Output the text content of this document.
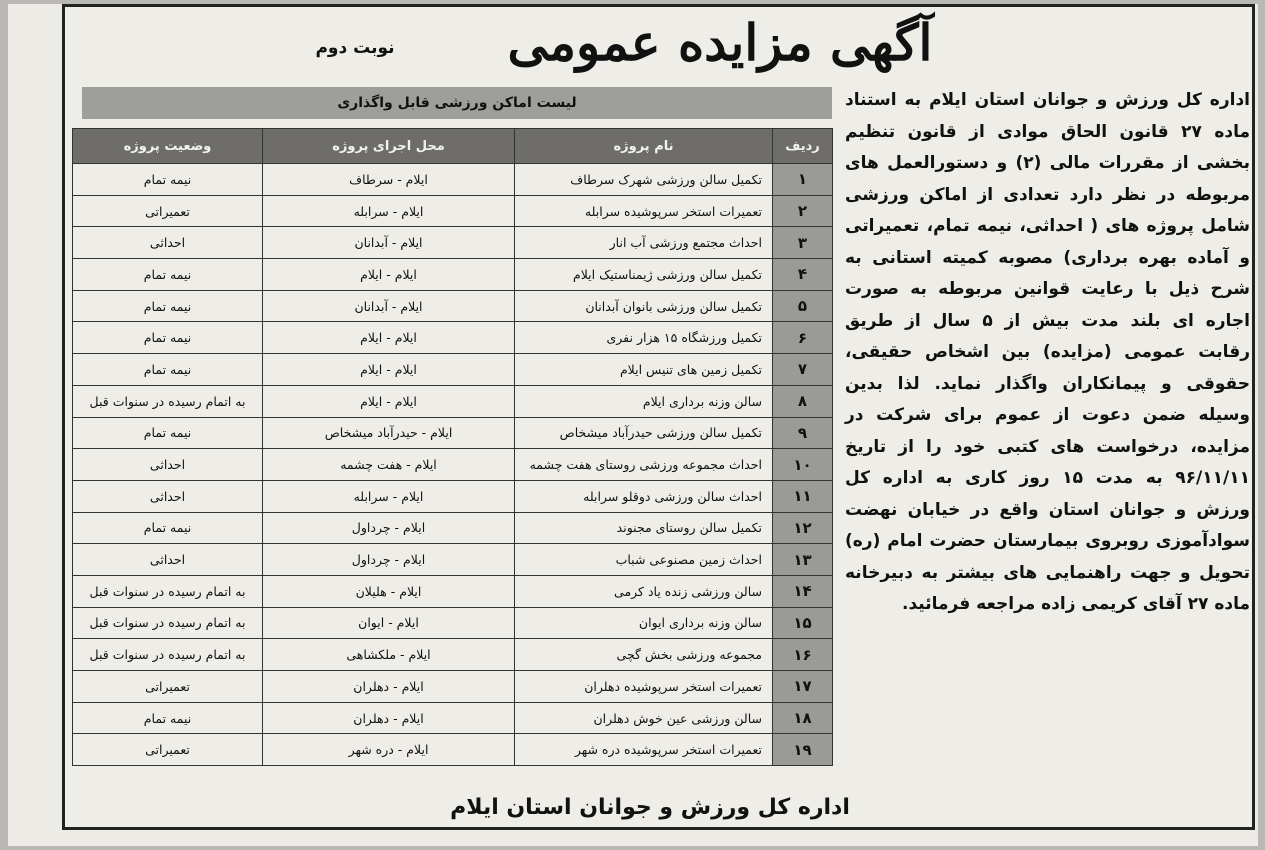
آگهی مزایده عمومی
نوبت دوم

اداره کل ورزش و جوانان استان ایلام به استناد ماده ۲۷ قانون الحاق موادی از قانون تنظیم بخشی از مقررات مالی (۲) و دستورالعمل های مربوطه در نظر دارد تعدادی از اماکن ورزشی شامل پروژه های ( احداثی، نیمه تمام، تعمیراتی و آماده بهره برداری) مصوبه کمیته استانی به شرح ذیل با رعایت قوانین مربوطه به صورت اجاره ای بلند مدت بیش از ۵ سال از طریق رقابت عمومی (مزایده) بین اشخاص حقیقی، حقوقی و پیمانکاران واگذار نماید. لذا بدین وسیله ضمن دعوت از عموم برای شرکت در مزایده، درخواست های کتبی خود را از تاریخ ۹۶/۱۱/۱۱ به مدت ۱۵ روز کاری به اداره کل ورزش و جوانان استان واقع در خیابان نهضت سوادآموزی روبروی بیمارستان حضرت امام (ره) تحویل و جهت راهنمایی های بیشتر به دبیرخانه ماده ۲۷ آقای کریمی زاده مراجعه فرمائید.

لیست اماکن ورزشی قابل واگذاری
ردیف	نام پروژه	محل اجرای پروژه	وضعیت پروژه
۱	تکمیل سالن ورزشی شهرک سرطاف	ایلام - سرطاف	نیمه تمام
۲	تعمیرات استخر سرپوشیده سرابله	ایلام - سرابله	تعمیراتی
۳	احداث مجتمع ورزشی آب انار	ایلام - آبدانان	احداثی
۴	تکمیل سالن ورزشی ژیمناستیک ایلام	ایلام - ایلام	نیمه تمام
۵	تکمیل سالن ورزشی بانوان آبدانان	ایلام - آبدانان	نیمه تمام
۶	تکمیل ورزشگاه ۱۵ هزار نفری	ایلام - ایلام	نیمه تمام
۷	تکمیل زمین های تنیس ایلام	ایلام - ایلام	نیمه تمام
۸	سالن وزنه برداری ایلام	ایلام - ایلام	به اتمام رسیده در سنوات قبل
۹	تکمیل سالن ورزشی حیدرآباد میشخاص	ایلام - حیدرآباد میشخاص	نیمه تمام
۱۰	احداث مجموعه ورزشی روستای هفت چشمه	ایلام - هفت چشمه	احداثی
۱۱	احداث سالن ورزشی دوقلو سرابله	ایلام - سرابله	احداثی
۱۲	تکمیل سالن روستای مجنوند	ایلام - چرداول	نیمه تمام
۱۳	احداث زمین مصنوعی شباب	ایلام - چرداول	احداثی
۱۴	سالن ورزشی زنده یاد کرمی	ایلام - هلیلان	به اتمام رسیده در سنوات قبل
۱۵	سالن وزنه برداری ایوان	ایلام - ایوان	به اتمام رسیده در سنوات قبل
۱۶	مجموعه ورزشی بخش گچی	ایلام - ملکشاهی	به اتمام رسیده در سنوات قبل
۱۷	تعمیرات استخر سرپوشیده دهلران	ایلام - دهلران	تعمیراتی
۱۸	سالن ورزشی عین خوش دهلران	ایلام - دهلران	نیمه تمام
۱۹	تعمیرات استخر سرپوشیده دره شهر	ایلام - دره شهر	تعمیراتی
اداره کل ورزش و جوانان استان ایلام
